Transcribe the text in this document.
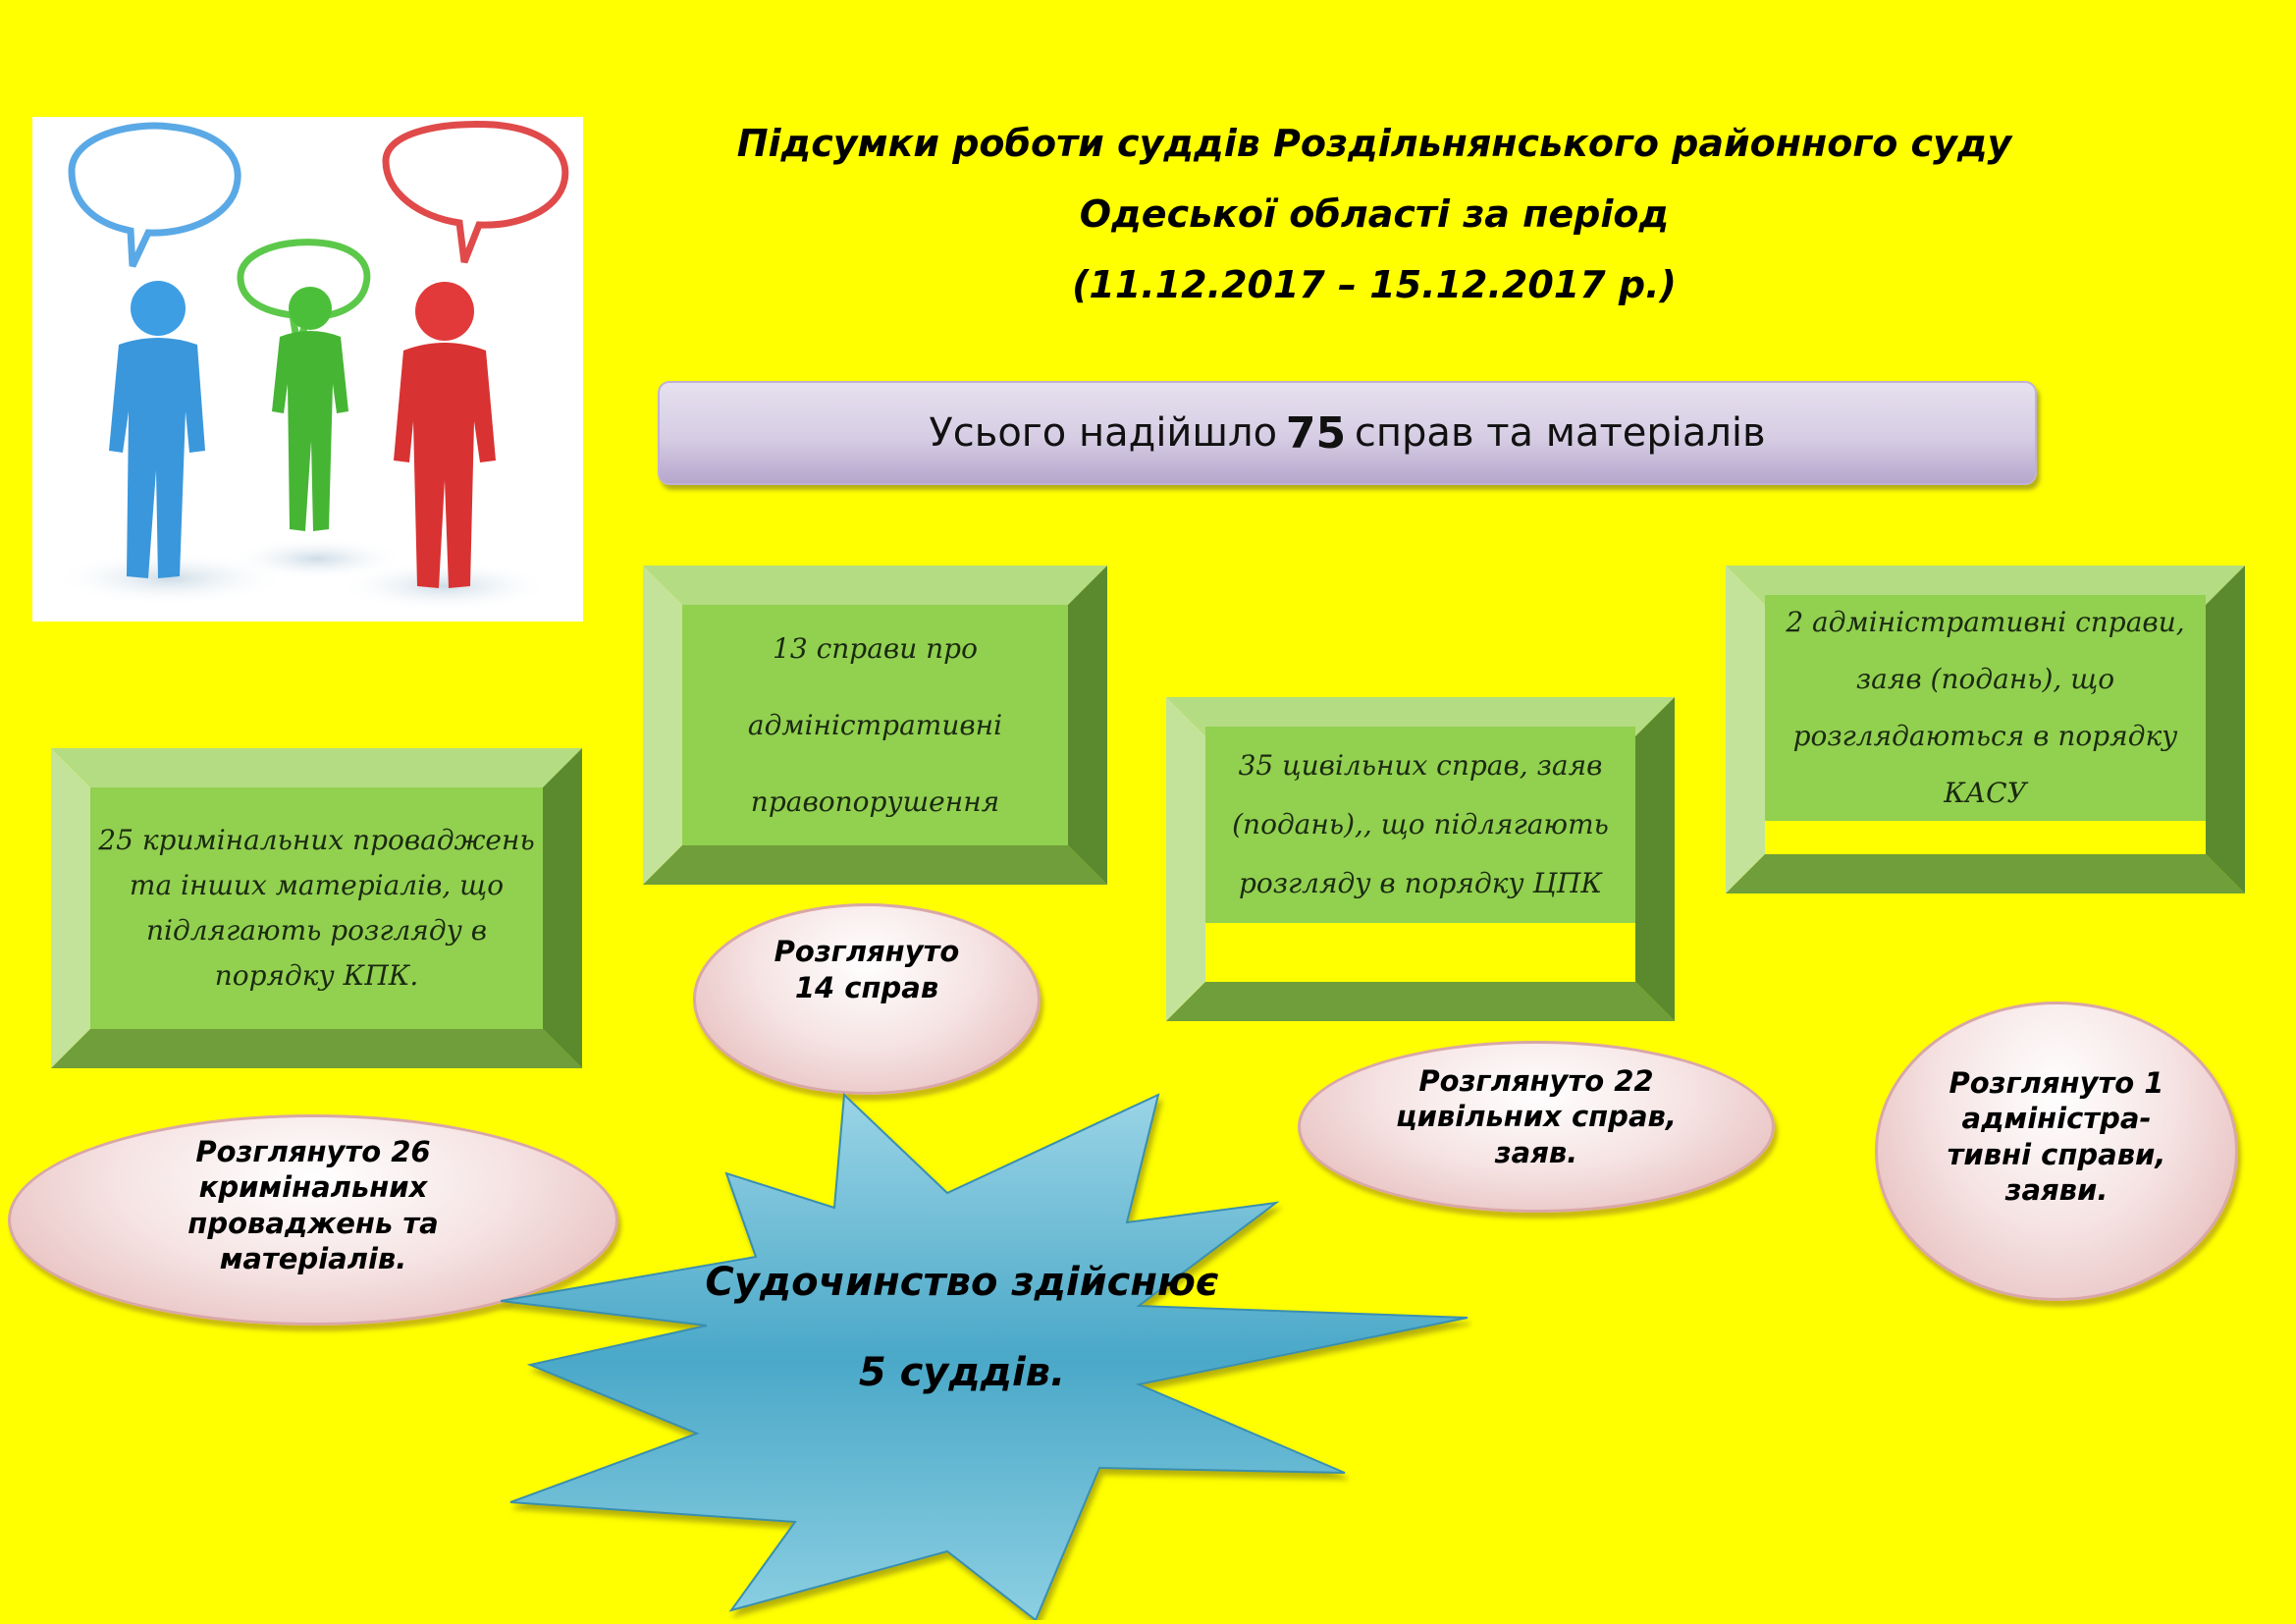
Підсумки роботи суддів Роздільнянського районного суду
Одеської області за період
(11.12.2017 – 15.12.2017 р.)
Усього надійшло 75 справ та матеріалів
13 справи про адміністративні правопорушення
25 кримінальних проваджень та інших матеріалів, що підлягають розгляду в порядку КПК.
35 цивільних справ, заяв (подань),, що підлягають розгляду в порядку ЦПК
2 адміністративні справи, заяв (подань), що розглядаються в порядку КАСУ
Розглянуто 14 справ
Розглянуто 26 кримінальних проваджень та матеріалів.
Розглянуто 22 цивільних справ, заяв.
Розглянуто 1 адміністра-тивні справи, заяви.
Судочинство здійснює 5 суддів.
